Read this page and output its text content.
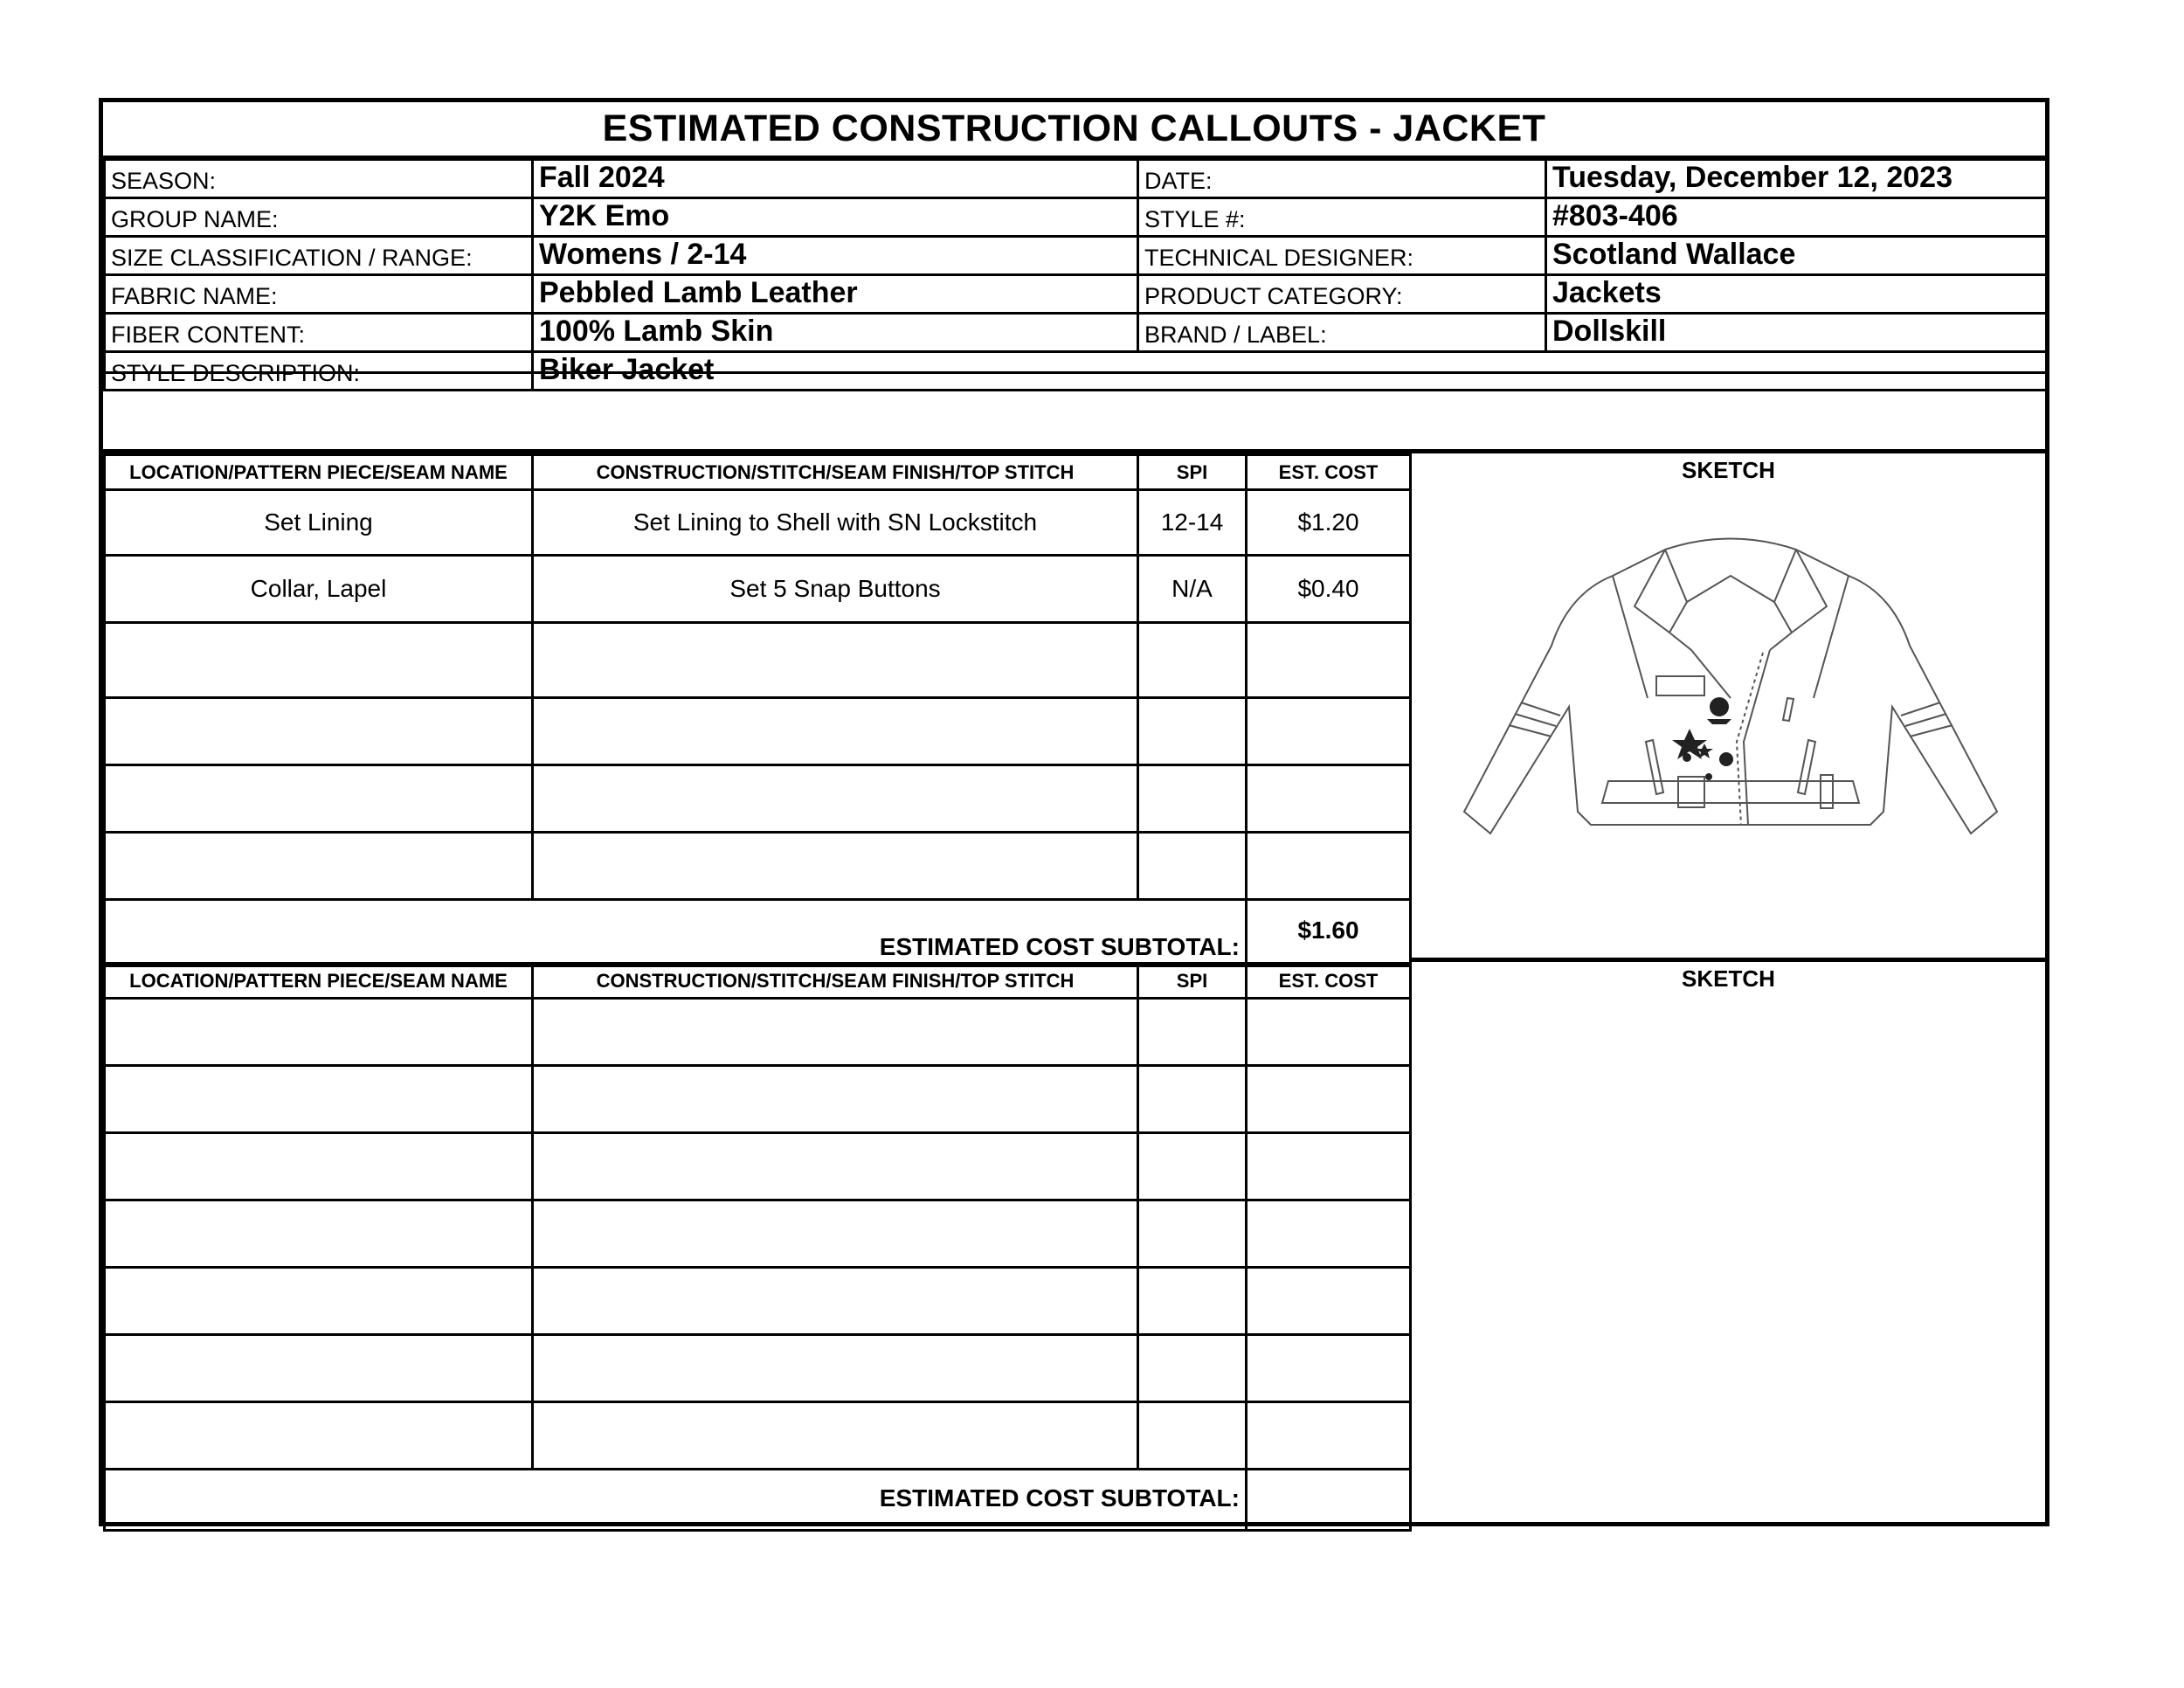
ESTIMATED CONSTRUCTION CALLOUTS - JACKET
SEASON:	Fall 2024	DATE:	Tuesday, December 12, 2023
GROUP NAME:	Y2K Emo	STYLE #:	#803-406
SIZE CLASSIFICATION / RANGE:	Womens / 2-14	TECHNICAL DESIGNER:	Scotland Wallace
FABRIC NAME:	Pebbled Lamb Leather	PRODUCT CATEGORY:	Jackets
FIBER CONTENT:	100% Lamb Skin	BRAND / LABEL:	Dollskill
STYLE DESCRIPTION:	Biker Jacket		
LOCATION/PATTERN PIECE/SEAM NAME	CONSTRUCTION/STITCH/SEAM FINISH/TOP STITCH	SPI	EST. COST
Set Lining	Set Lining to Shell with SN Lockstitch	12-14	$1.20
Collar, Lapel	Set 5 Snap Buttons	N/A	$0.40

ESTIMATED COST SUBTOTAL:			$1.60
SKETCH
LOCATION/PATTERN PIECE/SEAM NAME	CONSTRUCTION/STITCH/SEAM FINISH/TOP STITCH	SPI	EST. COST

ESTIMATED COST SUBTOTAL:			
SKETCH
